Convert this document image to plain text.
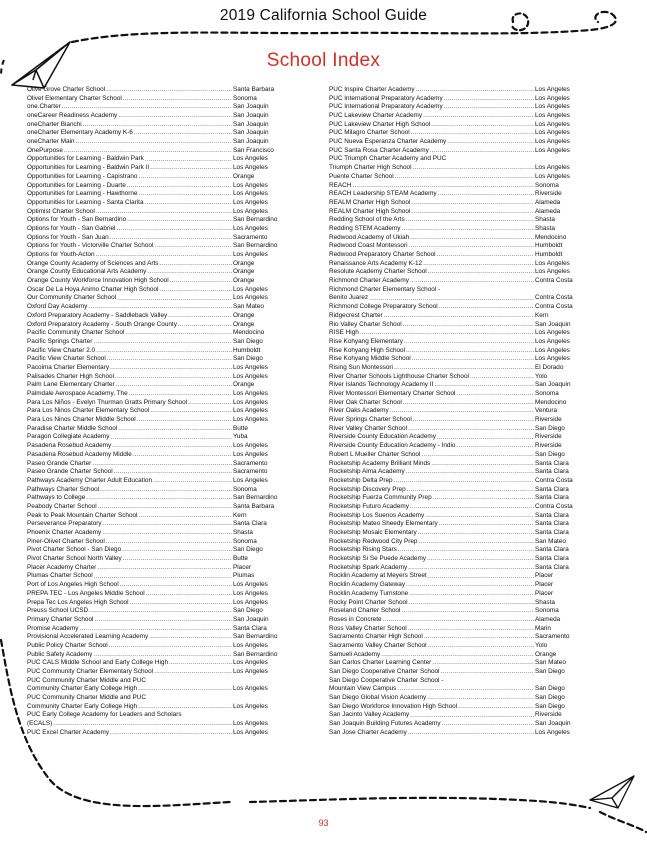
2019 California School Guide
School Index
Olive Grove Charter School .....	Santa Barbara
Olivet Elementary Charter School .....	Sonoma
one.Charter .....	San Joaquin
oneCareer Readiness Academy .....	San Joaquin
oneCharter Bianchi .....	San Joaquin
oneCharter Elementary Academy K-6 .....	San Joaquin
oneCharter Main .....	San Joaquin
OnePurpose .....	San Francisco
Opportunities for Learning - Baldwin Park .....	Los Angeles
Opportunities for Learning - Baldwin Park II .....	Los Angeles
Opportunities for Learning - Capistrano .....	Orange
Opportunities for Learning - Duarte .....	Los Angeles
Opportunities for Learning - Hawthorne .....	Los Angeles
Opportunities for Learning - Santa Clarita .....	Los Angeles
Optimist Charter School .....	Los Angeles
Options for Youth - San Bernardino .....	San Bernardino
Options for Youth - San Gabriel .....	Los Angeles
Options for Youth - San Juan .....	Sacramento
Options for Youth - Victorville Charter School .....	San Bernardino
Options for Youth-Acton .....	Los Angeles
Orange County Academy of Sciences and Arts .....	Orange
Orange County Educational Arts Academy .....	Orange
Orange County Workforce Innovation High School .....	Orange
Oscar De La Hoya Animo Charter High School .....	Los Angeles
Our Community Charter School .....	Los Angeles
Oxford Day Academy .....	San Mateo
Oxford Preparatory Academy - Saddleback Valley .....	Orange
Oxford Preparatory Academy - South Orange County .....	Orange
Pacific Community Charter School .....	Mendocino
Pacific Springs Charter .....	San Diego
Pacific View Charter 2.0 .....	Humboldt
Pacific View Charter School .....	San Diego
Pacoima Charter Elementary .....	Los Angeles
Palisades Charter High School .....	Los Angeles
Palm Lane Elementary Charter .....	Orange
Palmdale Aerospace Academy, The .....	Los Angeles
Para Los Niños - Evelyn Thurman Gratts Primary School .....	Los Angeles
Para Los Ninos Charter Elementary School .....	Los Angeles
Para Los Ninos Charter Middle School .....	Los Angeles
Paradise Charter Middle School .....	Butte
Paragon Collegiate Academy .....	Yuba
Pasadena Rosebud Academy .....	Los Angeles
Pasadena Rosebud Academy Middle .....	Los Angeles
Paseo Grande Charter .....	Sacramento
Paseo Grande Charter School .....	Sacramento
Pathways Academy Charter Adult Education .....	Los Angeles
Pathways Charter School .....	Sonoma
Pathways to College .....	San Bernardino
Peabody Charter School .....	Santa Barbara
Peak to Peak Mountain Charter School .....	Kern
Perseverance Preparatory .....	Santa Clara
Phoenix Charter Academy .....	Shasta
Piner-Olivet Charter School .....	Sonoma
Pivot Charter School - San Diego .....	San Diego
Pivot Charter School North Valley .....	Butte
Placer Academy Charter .....	Placer
Plumas Charter School .....	Plumas
Port of Los Angeles High School .....	Los Angeles
PREPA TEC - Los Angeles Middle School .....	Los Angeles
Prepa Tec Los Angeles High School .....	Los Angeles
Preuss School UCSD .....	San Diego
Primary Charter School .....	San Joaquin
Promise Academy .....	Santa Clara
Provisional Accelerated Learning Academy .....	San Bernardino
Public Policy Charter School .....	Los Angeles
Public Safety Academy .....	San Bernardino
PUC CALS Middle School and Early College High .....	Los Angeles
PUC Community Charter Elementary School .....	Los Angeles
PUC Community Charter Middle and PUC
Community Charter Early College High .....	Los Angeles
PUC Community Charter Middle and PUC
Community Charter Early College High .....	Los Angeles
PUC Early College Academy for Leaders and Scholars
(ECALS) .....	Los Angeles
PUC Excel Charter Academy .....	Los Angeles
PUC Inspire Charter Academy .....	Los Angeles
PUC International Preparatory Academy .....	Los Angeles
PUC International Preparatory Academy .....	Los Angeles
PUC Lakeview Charter Academy .....	Los Angeles
PUC Lakeview Charter High School .....	Los Angeles
PUC Milagro Charter School .....	Los Angeles
PUC Nueva Esperanza Charter Academy .....	Los Angeles
PUC Santa Rosa Charter Academy .....	Los Angeles
PUC Triumph Charter Academy and PUC
Triumph Charter High School .....	Los Angeles
Puente Charter School .....	Los Angeles
REACH .....	Sonoma
REACH Leadership STEAM Academy .....	Riverside
REALM Charter High School .....	Alameda
REALM Charter High School .....	Alameda
Redding School of the Arts .....	Shasta
Redding STEM Academy .....	Shasta
Redwood Academy of Ukiah .....	Mendocino
Redwood Coast Montessori .....	Humboldt
Redwood Preparatory Charter School .....	Humboldt
Renaissance Arts Academy K-12 .....	Los Angeles
Resolute Academy Charter School .....	Los Angeles
Richmond Charter Academy .....	Contra Costa
Richmond Charter Elementary School -
Benito Juarez .....	Contra Costa
Richmond College Preparatory School .....	Contra Costa
Ridgecrest Charter .....	Kern
Rio Valley Charter School .....	San Joaquin
RISE High .....	Los Angeles
Rise Kohyang Elementary .....	Los Angeles
Rise Kohyang High School .....	Los Angeles
Rise Kohyang Middle School .....	Los Angeles
Rising Sun Montessori .....	El Dorado
River Charter Schools Lighthouse Charter School .....	Yolo
River Islands Technology Academy II .....	San Joaquin
River Montessori Elementary Charter School .....	Sonoma
River Oak Charter School .....	Mendocino
River Oaks Academy .....	Ventura
River Springs Charter School .....	Riverside
River Valley Charter School .....	San Diego
Riverside County Education Academy .....	Riverside
Riverside County Education Academy - Indio .....	Riverside
Robert L Mueller Charter School .....	San Diego
Rocketship Academy Brilliant Minds .....	Santa Clara
Rocketship Alma Academy .....	Santa Clara
Rocketship Delta Prep .....	Contra Costa
Rocketship Discovery Prep .....	Santa Clara
Rocketship Fuerza Community Prep .....	Santa Clara
Rocketship Futuro Academy .....	Contra Costa
Rocketship Los Suenos Academy .....	Santa Clara
Rocketship Mateo Sheedy Elementary .....	Santa Clara
Rocketship Mosaic Elementary .....	Santa Clara
Rocketship Redwood City Prep .....	San Mateo
Rocketship Rising Stars .....	Santa Clara
Rocketship Si Se Puede Academy .....	Santa Clara
Rocketship Spark Academy .....	Santa Clara
Rocklin Academy at Meyers Street .....	Placer
Rocklin Academy Gateway .....	Placer
Rocklin Academy Turnstone .....	Placer
Rocky Point Charter School .....	Shasta
Roseland Charter School .....	Sonoma
Roses in Concrete .....	Alameda
Ross Valley Charter School .....	Marin
Sacramento Charter High School .....	Sacramento
Sacramento Valley Charter School .....	Yolo
Samueli Academy .....	Orange
San Carlos Charter Learning Center .....	San Mateo
San Diego Cooperative Charter School .....	San Diego
San Diego Cooperative Charter School -
Mountain View Campus .....	San Diego
San Diego Global Vision Academy .....	San Diego
San Diego Workforce Innovation High School .....	San Diego
San Jacinto Valley Academy .....	Riverside
San Joaquin Building Futures Academy .....	San Joaquin
San Jose Charter Academy .....	Los Angeles
93
